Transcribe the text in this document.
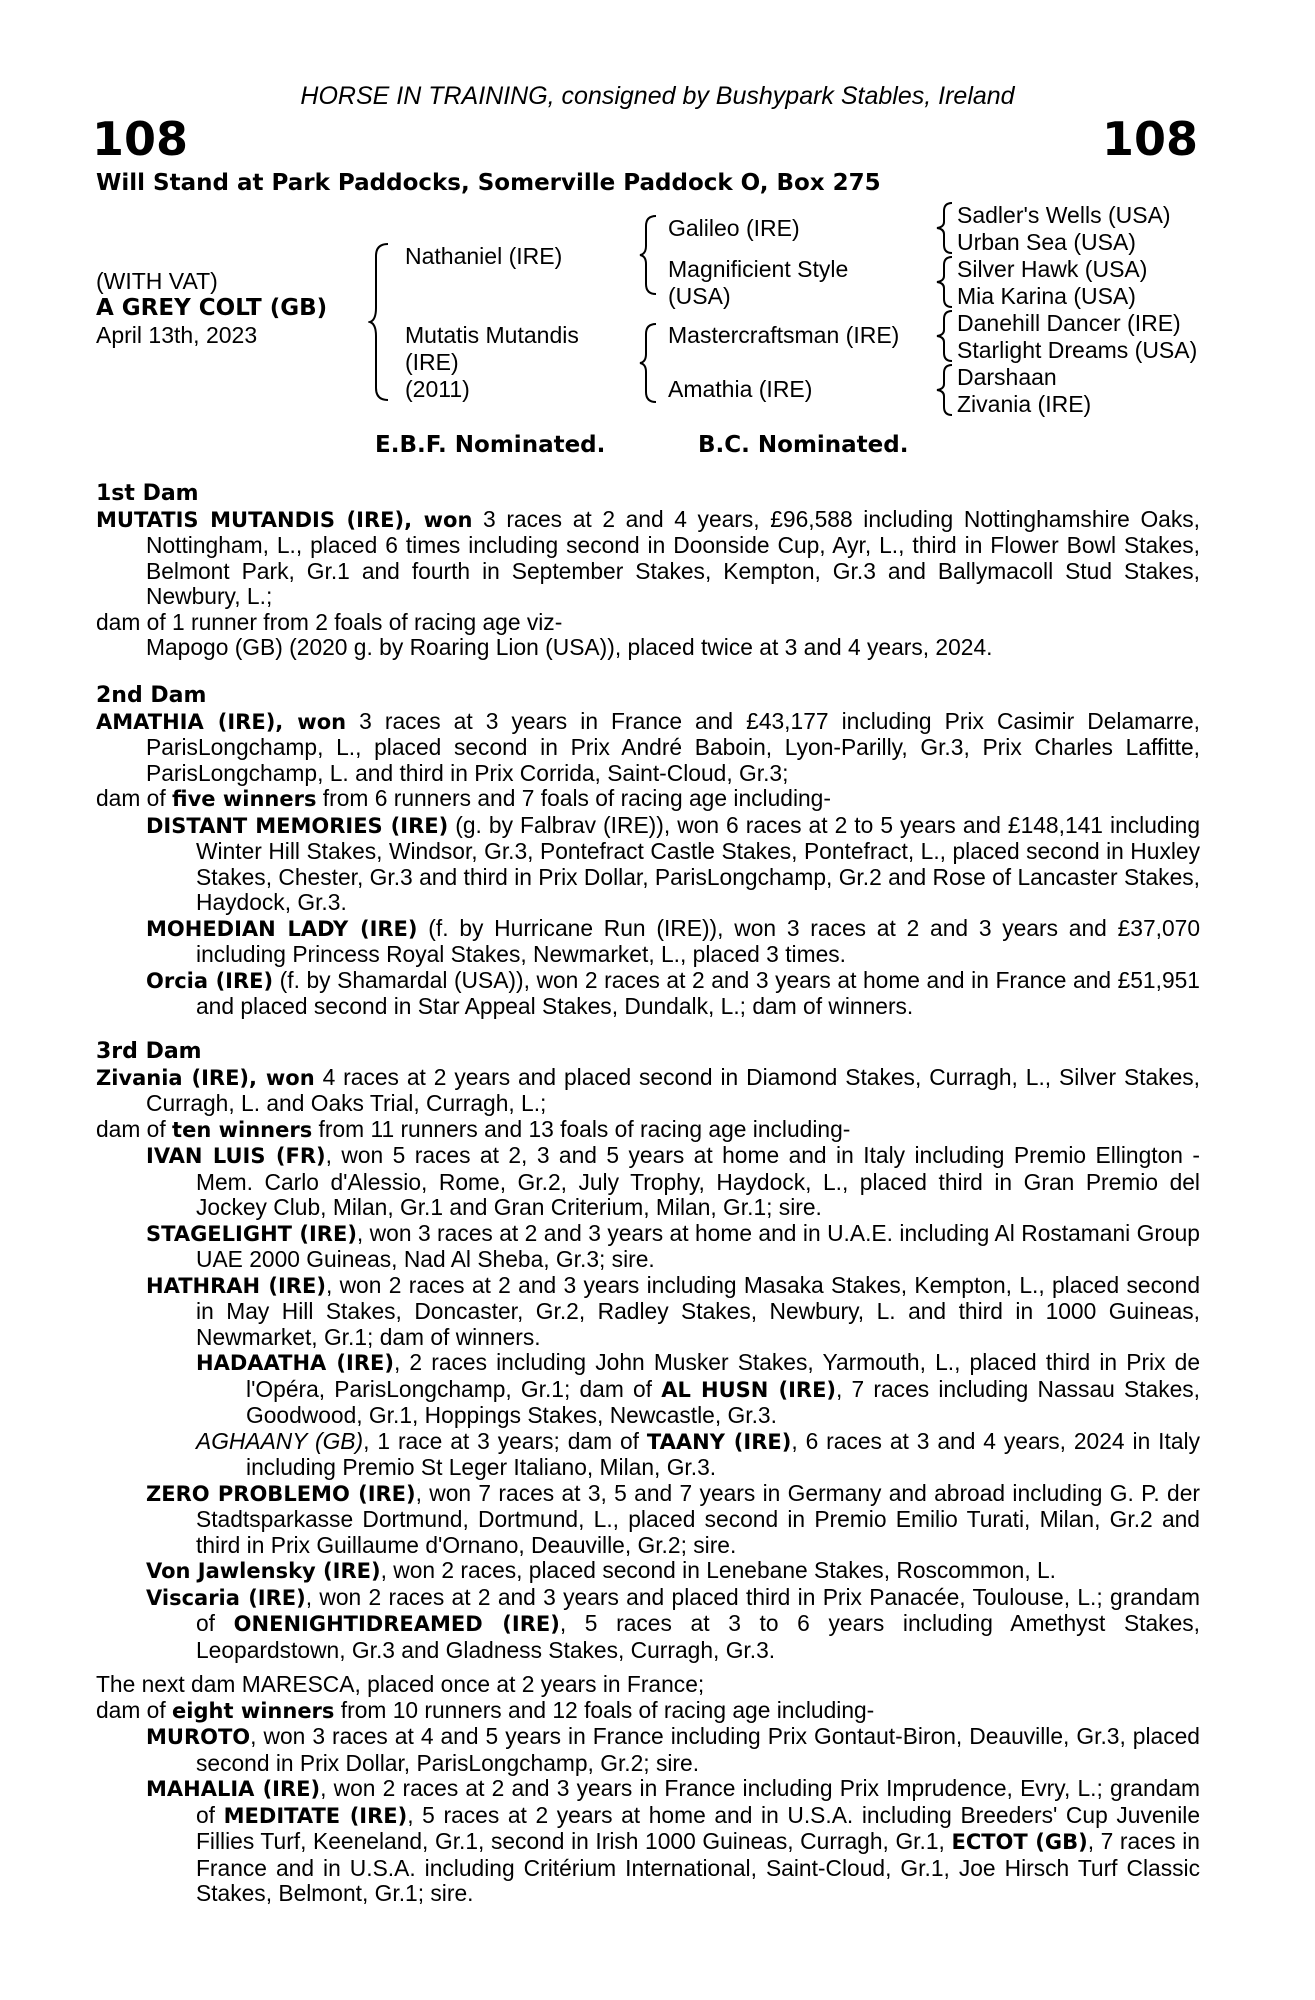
HORSE IN TRAINING, consigned by Bushypark Stables, Ireland
108	108
Will Stand at Park Paddocks, Somerville Paddock O, Box 275
(WITH VAT)
A GREY COLT (GB)
April 13th, 2023
Nathaniel (IRE)
Mutatis Mutandis
(IRE)
(2011)
Galileo (IRE)
Magnificient Style
(USA)
Mastercraftsman (IRE)
Amathia (IRE)
Sadler's Wells (USA)
Urban Sea (USA)
Silver Hawk (USA)
Mia Karina (USA)
Danehill Dancer (IRE)
Starlight Dreams (USA)
Darshaan
Zivania (IRE)
E.B.F. Nominated.	B.C. Nominated.
1st Dam

MUTATIS MUTANDIS (IRE), won 3 races at 2 and 4 years, £96,588 including Nottinghamshire Oaks, Nottingham, L., placed 6 times including second in Doonside Cup, Ayr, L., third in Flower Bowl Stakes, Belmont Park, Gr.1 and fourth in September Stakes, Kempton, Gr.3 and Ballymacoll Stud Stakes, Newbury, L.;

dam of 1 runner from 2 foals of racing age viz-

Mapogo (GB) (2020 g. by Roaring Lion (USA)), placed twice at 3 and 4 years, 2024.

2nd Dam

AMATHIA (IRE), won 3 races at 3 years in France and £43,177 including Prix Casimir Delamarre, ParisLongchamp, L., placed second in Prix André Baboin, Lyon-Parilly, Gr.3, Prix Charles Laffitte, ParisLongchamp, L. and third in Prix Corrida, Saint-Cloud, Gr.3;

dam of five winners from 6 runners and 7 foals of racing age including-

DISTANT MEMORIES (IRE) (g. by Falbrav (IRE)), won 6 races at 2 to 5 years and £148,141 including Winter Hill Stakes, Windsor, Gr.3, Pontefract Castle Stakes, Pontefract, L., placed second in Huxley Stakes, Chester, Gr.3 and third in Prix Dollar, ParisLongchamp, Gr.2 and Rose of Lancaster Stakes, Haydock, Gr.3.

MOHEDIAN LADY (IRE) (f. by Hurricane Run (IRE)), won 3 races at 2 and 3 years and £37,070 including Princess Royal Stakes, Newmarket, L., placed 3 times.

Orcia (IRE) (f. by Shamardal (USA)), won 2 races at 2 and 3 years at home and in France and £51,951 and placed second in Star Appeal Stakes, Dundalk, L.; dam of winners.

3rd Dam

Zivania (IRE), won 4 races at 2 years and placed second in Diamond Stakes, Curragh, L., Silver Stakes, Curragh, L. and Oaks Trial, Curragh, L.;

dam of ten winners from 11 runners and 13 foals of racing age including-

IVAN LUIS (FR), won 5 races at 2, 3 and 5 years at home and in Italy including Premio Ellington - Mem. Carlo d'Alessio, Rome, Gr.2, July Trophy, Haydock, L., placed third in Gran Premio del Jockey Club, Milan, Gr.1 and Gran Criterium, Milan, Gr.1; sire.

STAGELIGHT (IRE), won 3 races at 2 and 3 years at home and in U.A.E. including Al Rostamani Group UAE 2000 Guineas, Nad Al Sheba, Gr.3; sire.

HATHRAH (IRE), won 2 races at 2 and 3 years including Masaka Stakes, Kempton, L., placed second in May Hill Stakes, Doncaster, Gr.2, Radley Stakes, Newbury, L. and third in 1000 Guineas, Newmarket, Gr.1; dam of winners.

HADAATHA (IRE), 2 races including John Musker Stakes, Yarmouth, L., placed third in Prix de l'Opéra, ParisLongchamp, Gr.1; dam of AL HUSN (IRE), 7 races including Nassau Stakes, Goodwood, Gr.1, Hoppings Stakes, Newcastle, Gr.3.

AGHAANY (GB), 1 race at 3 years; dam of TAANY (IRE), 6 races at 3 and 4 years, 2024 in Italy including Premio St Leger Italiano, Milan, Gr.3.

ZERO PROBLEMO (IRE), won 7 races at 3, 5 and 7 years in Germany and abroad including G. P. der Stadtsparkasse Dortmund, Dortmund, L., placed second in Premio Emilio Turati, Milan, Gr.2 and third in Prix Guillaume d'Ornano, Deauville, Gr.2; sire.

Von Jawlensky (IRE), won 2 races, placed second in Lenebane Stakes, Roscommon, L.

Viscaria (IRE), won 2 races at 2 and 3 years and placed third in Prix Panacée, Toulouse, L.; grandam of ONENIGHTIDREAMED (IRE), 5 races at 3 to 6 years including Amethyst Stakes, Leopardstown, Gr.3 and Gladness Stakes, Curragh, Gr.3.

The next dam MARESCA, placed once at 2 years in France;

dam of eight winners from 10 runners and 12 foals of racing age including-

MUROTO, won 3 races at 4 and 5 years in France including Prix Gontaut-Biron, Deauville, Gr.3, placed second in Prix Dollar, ParisLongchamp, Gr.2; sire.

MAHALIA (IRE), won 2 races at 2 and 3 years in France including Prix Imprudence, Evry, L.; grandam of MEDITATE (IRE), 5 races at 2 years at home and in U.S.A. including Breeders' Cup Juvenile Fillies Turf, Keeneland, Gr.1, second in Irish 1000 Guineas, Curragh, Gr.1, ECTOT (GB), 7 races in France and in U.S.A. including Critérium International, Saint-Cloud, Gr.1, Joe Hirsch Turf Classic Stakes, Belmont, Gr.1; sire.
